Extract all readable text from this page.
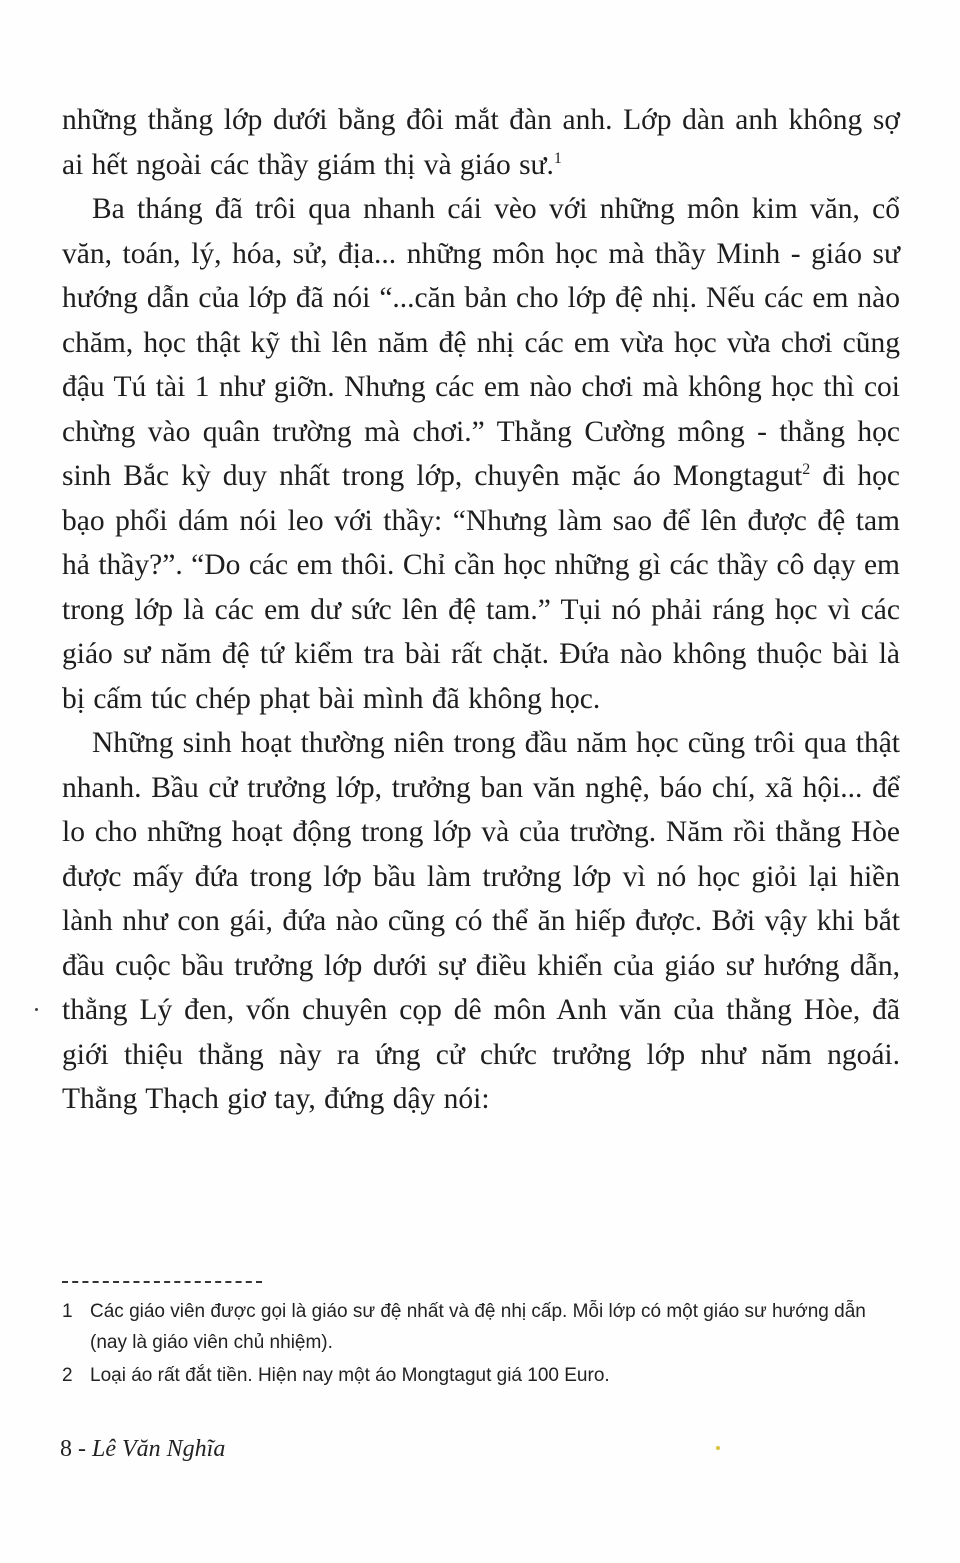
những thằng lớp dưới bằng đôi mắt đàn anh. Lớp dàn anh không sợ ai hết ngoài các thầy giám thị và giáo sư.$^1$

Ba tháng đã trôi qua nhanh cái vèo với những môn kim văn, cổ văn, toán, lý, hóa, sử, địa... những môn học mà thầy Minh - giáo sư hướng dẫn của lớp đã nói “...căn bản cho lớp đệ nhị. Nếu các em nào chăm, học thật kỹ thì lên năm đệ nhị các em vừa học vừa chơi cũng đậu Tú tài 1 như giỡn. Nhưng các em nào chơi mà không học thì coi chừng vào quân trường mà chơi.” Thằng Cường mông - thằng học sinh Bắc kỳ duy nhất trong lớp, chuyên mặc áo Mongtagut$^2$ đi học bạo phổi dám nói leo với thầy: “Nhưng làm sao để lên được đệ tam hả thầy?”. “Do các em thôi. Chỉ cần học những gì các thầy cô dạy em trong lớp là các em dư sức lên đệ tam.” Tụi nó phải ráng học vì các giáo sư năm đệ tứ kiểm tra bài rất chặt. Đứa nào không thuộc bài là bị cấm túc chép phạt bài mình đã không học.

Những sinh hoạt thường niên trong đầu năm học cũng trôi qua thật nhanh. Bầu cử trưởng lớp, trưởng ban văn nghệ, báo chí, xã hội... để lo cho những hoạt động trong lớp và của trường. Năm rồi thằng Hòe được mấy đứa trong lớp bầu làm trưởng lớp vì nó học giỏi lại hiền lành như con gái, đứa nào cũng có thể ăn hiếp được. Bởi vậy khi bắt đầu cuộc bầu trưởng lớp dưới sự điều khiển của giáo sư hướng dẫn, thằng Lý đen, vốn chuyên cọp dê môn Anh văn của thằng Hòe, đã giới thiệu thằng này ra ứng cử chức trưởng lớp như năm ngoái. Thằng Thạch giơ tay, đứng dậy nói:

1 Các giáo viên được gọi là giáo sư đệ nhất và đệ nhị cấp. Mỗi lớp có một giáo sư hướng dẫn (nay là giáo viên chủ nhiệm).
2 Loại áo rất đắt tiền. Hiện nay một áo Mongtagut giá 100 Euro.
8 - Lê Văn Nghĩa
